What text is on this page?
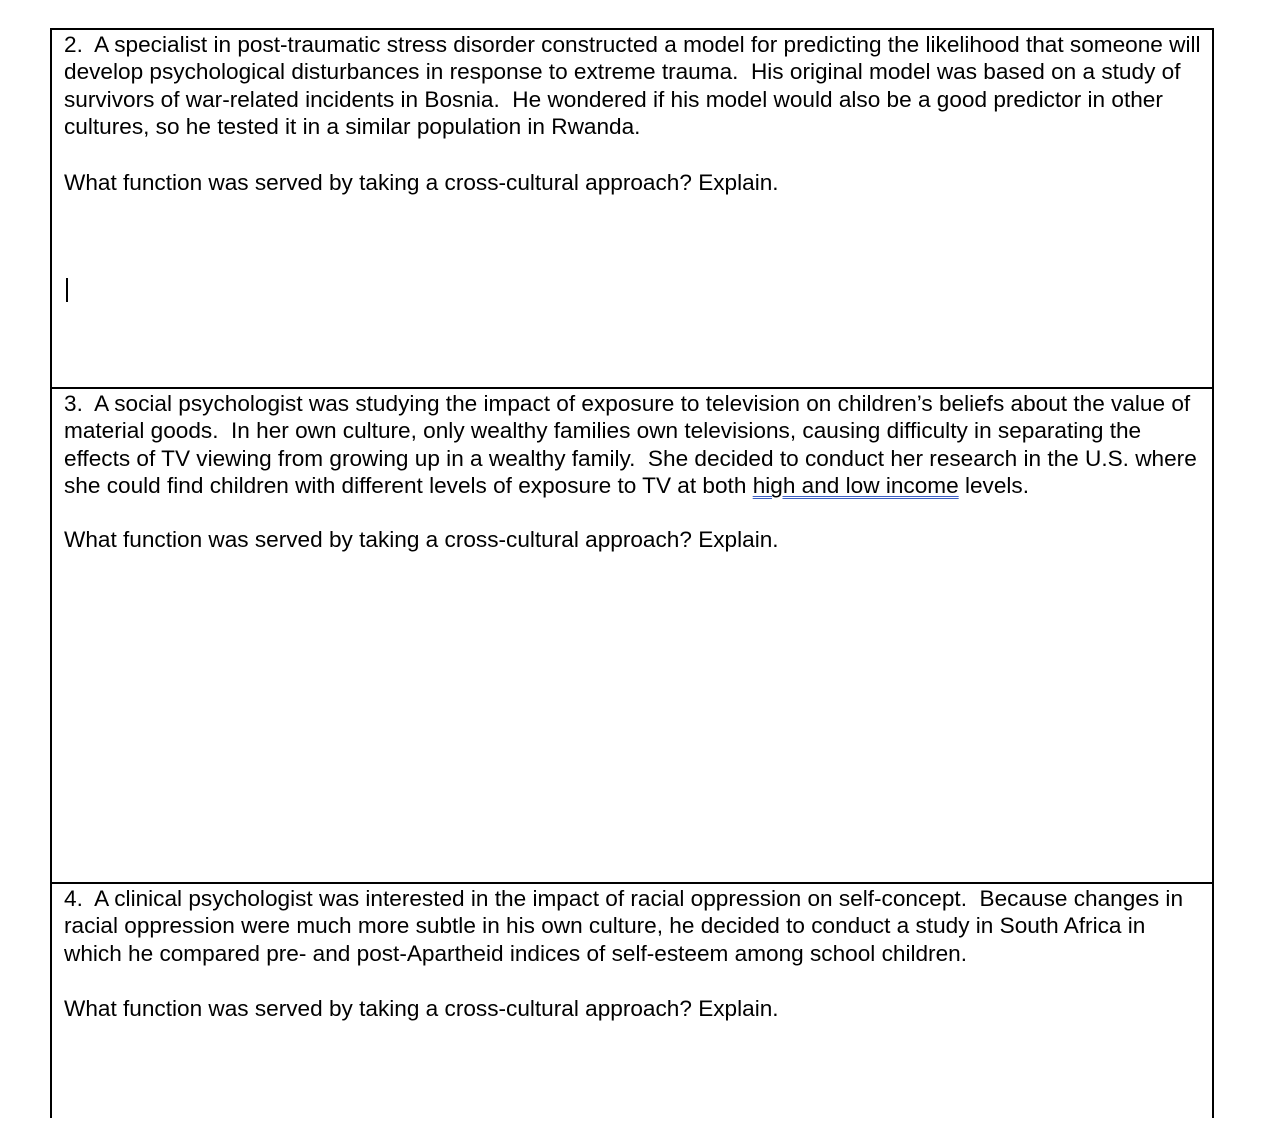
2. A specialist in post-traumatic stress disorder constructed a model for predicting the likelihood that someone will develop psychological disturbances in response to extreme trauma.  His original model was based on a study of survivors of war-related incidents in Bosnia.  He wondered if his model would also be a good predictor in other cultures, so he tested it in a similar population in Rwanda.

What function was served by taking a cross-cultural approach? Explain.

3. A social psychologist was studying the impact of exposure to television on children’s beliefs about the value of material goods.  In her own culture, only wealthy families own televisions, causing difficulty in separating the effects of TV viewing from growing up in a wealthy family.  She decided to conduct her research in the U.S. where she could find children with different levels of exposure to TV at both high and low income levels.

What function was served by taking a cross-cultural approach? Explain.

4. A clinical psychologist was interested in the impact of racial oppression on self-concept.  Because changes in racial oppression were much more subtle in his own culture, he decided to conduct a study in South Africa in which he compared pre- and post-Apartheid indices of self-esteem among school children.

What function was served by taking a cross-cultural approach? Explain.
